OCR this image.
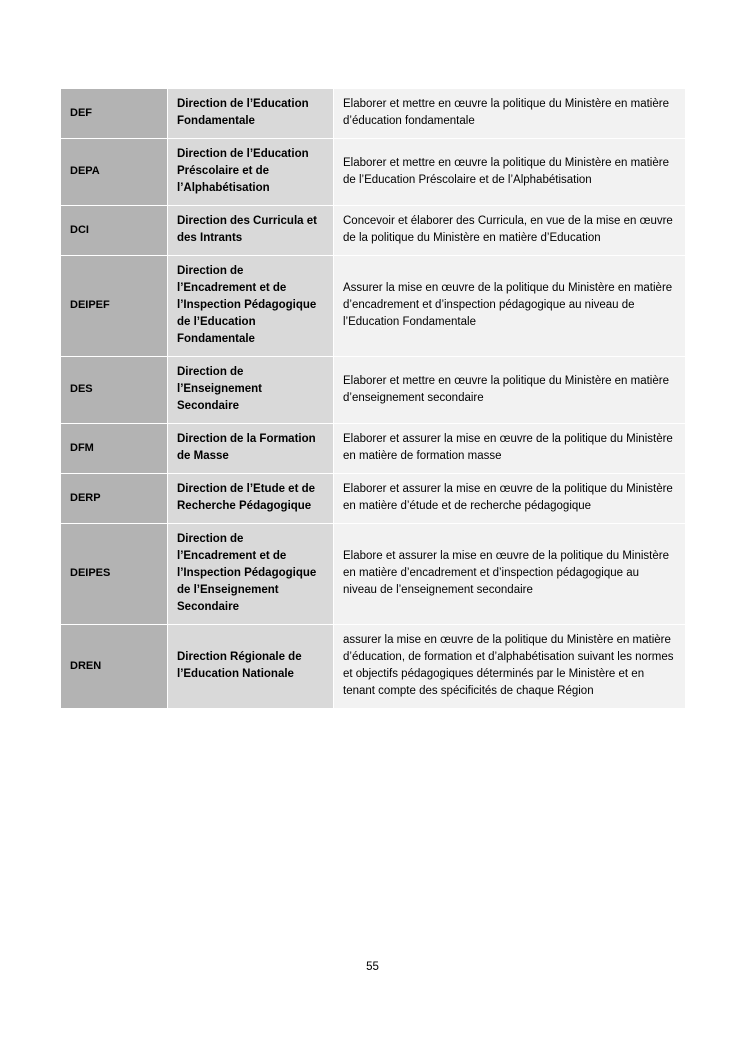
DEF	Direction de l’Education Fondamentale	Elaborer et mettre en œuvre la politique du Ministère en matière d’éducation fondamentale
DEPA	Direction de l’Education Préscolaire et de l’Alphabétisation	Elaborer et mettre en œuvre la politique du Ministère en matière de l’Education Préscolaire et de l’Alphabétisation
DCI	Direction des Curricula et des Intrants	Concevoir et élaborer des Curricula, en vue de la mise en œuvre de la politique du Ministère en matière d’Education
DEIPEF	Direction de l’Encadrement et de l’Inspection Pédagogique de l’Education Fondamentale	Assurer la mise en œuvre de la politique du Ministère en matière d’encadrement et d’inspection pédagogique au niveau de l’Education Fondamentale
DES	Direction de l’Enseignement Secondaire	Elaborer et mettre en œuvre la politique du Ministère en matière d’enseignement secondaire
DFM	Direction de la Formation de Masse	Elaborer et assurer la mise en œuvre de la politique du Ministère en matière de formation masse
DERP	Direction de l’Etude et de Recherche Pédagogique	Elaborer et assurer la mise en œuvre de la politique du Ministère en matière d’étude et de recherche pédagogique
DEIPES	Direction de l’Encadrement et de l’Inspection Pédagogique de l’Enseignement Secondaire	Elabore et assurer la mise en œuvre de la politique du Ministère en matière d’encadrement et d’inspection pédagogique au niveau de l’enseignement secondaire
DREN	Direction Régionale de l’Education Nationale	assurer la mise en œuvre de la politique du Ministère en matière d’éducation, de formation et d’alphabétisation suivant les normes et objectifs pédagogiques déterminés par le Ministère et en tenant compte des spécificités de chaque Région
55
